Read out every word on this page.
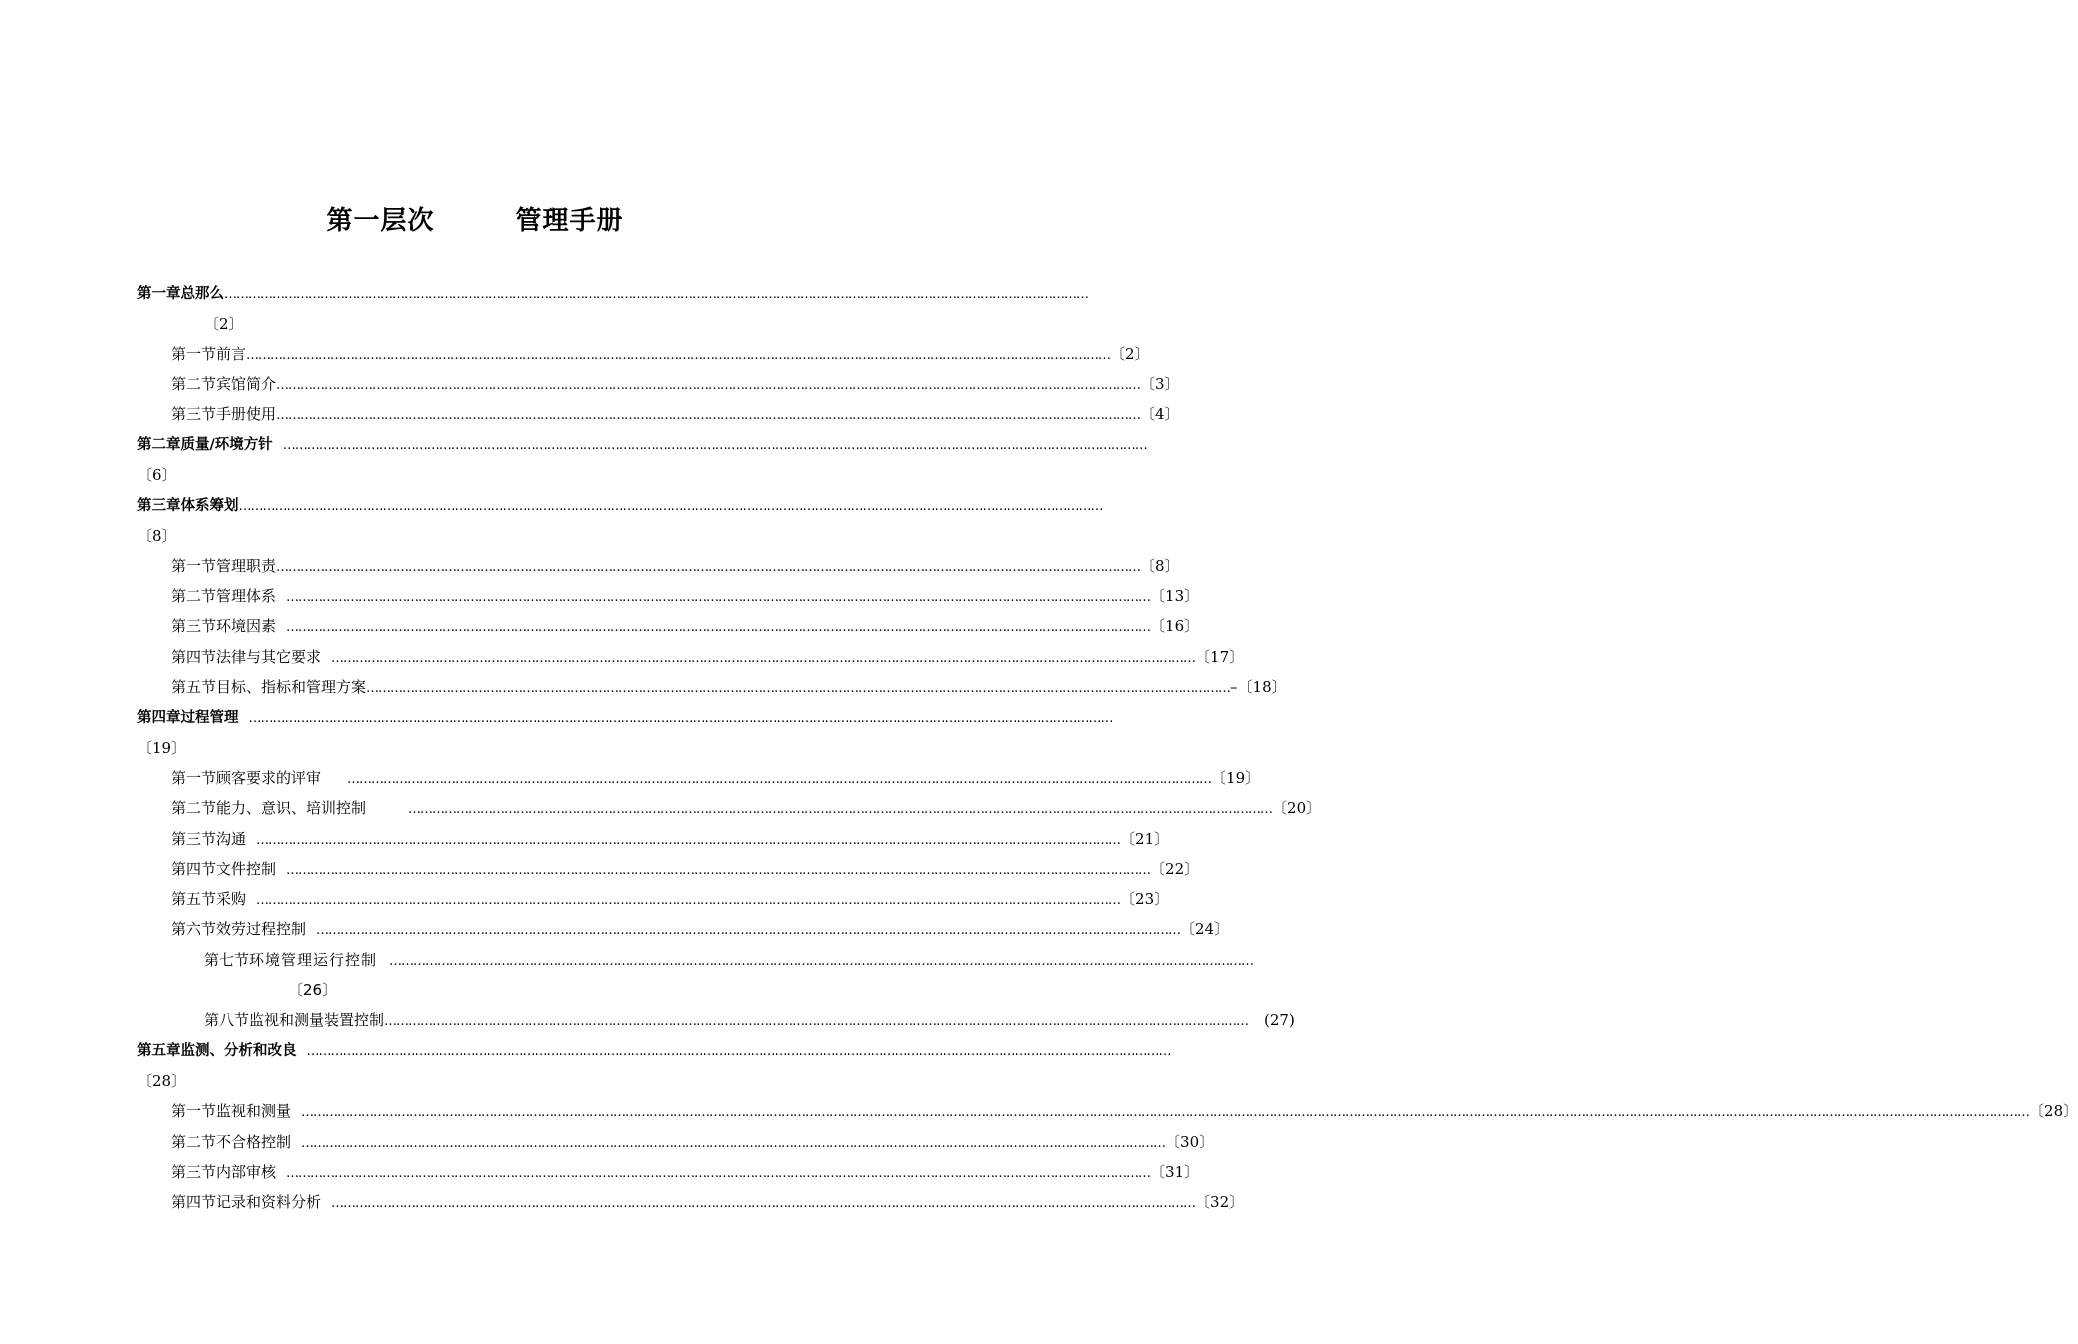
第一层次　　　管理手册
第一章 总那么 ………………………………………………………………………………………………………………………………………………………………………………………………
〔2〕
第一节 前言 ……………………………………………………………………………………………………………………………………………………………………………………………… 〔2〕
第二节 宾馆简介 ……………………………………………………………………………………………………………………………………………………………………………………………… 〔3〕
第三节 手册使用 ……………………………………………………………………………………………………………………………………………………………………………………………… 〔4〕
第二章 质量/环境方针 ………………………………………………………………………………………………………………………………………………………………………………………………
〔6〕
第三章 体系筹划 ………………………………………………………………………………………………………………………………………………………………………………………………
〔8〕
第一节 管理职责 ……………………………………………………………………………………………………………………………………………………………………………………………… 〔8〕
第二节 管理体系 ……………………………………………………………………………………………………………………………………………………………………………………………… 〔13〕
第三节 环境因素 ……………………………………………………………………………………………………………………………………………………………………………………………… 〔16〕
第四节 法律与其它要求 ……………………………………………………………………………………………………………………………………………………………………………………………… 〔17〕
第五节 目标、指标和管理方案 ……………………………………………………………………………………………………………………………………………………………………………………………… – 〔18〕
第四章 过程管理 ………………………………………………………………………………………………………………………………………………………………………………………………
〔19〕
第一节 顾客要求的评审 ……………………………………………………………………………………………………………………………………………………………………………………………… 〔19〕
第二节 能力、意识、培训控制	……………………………………………………………………………………………………………………………………………………………………………………………… 〔20〕
第三节 沟通 ……………………………………………………………………………………………………………………………………………………………………………………………… 〔21〕
第四节 文件控制 ……………………………………………………………………………………………………………………………………………………………………………………………… 〔22〕
第五节 采购 ……………………………………………………………………………………………………………………………………………………………………………………………… 〔23〕
第六节 效劳过程控制 ……………………………………………………………………………………………………………………………………………………………………………………………… 〔24〕
第七节 环境管理运行控制 ………………………………………………………………………………………………………………………………………………………………………………………………
〔26〕
第八节 监视和测量装置控制 ……………………………………………………………………………………………………………………………………………………………………………………………… (27)
第五章 监测、分析和改良 ………………………………………………………………………………………………………………………………………………………………………………………………
〔28〕
第一节 监视和测量 ……………………………………………………………………………………………………………………………………………………………………………………………… ……………………………………………………………………………………………………………………………………………………………………………………………… 〔28〕
第二节 不合格控制 ……………………………………………………………………………………………………………………………………………………………………………………………… 〔30〕
第三节 内部审核 ……………………………………………………………………………………………………………………………………………………………………………………………… 〔31〕
第四节 记录和资料分析 ……………………………………………………………………………………………………………………………………………………………………………………………… 〔32〕
